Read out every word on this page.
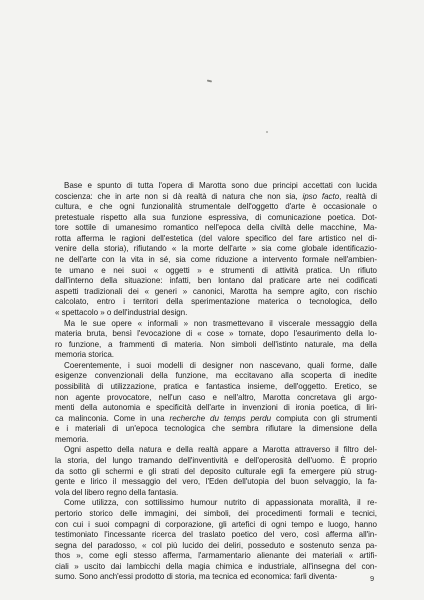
Base e spunto di tutta l'opera di Marotta sono due principi accettati con lucida
coscienza: che in arte non si dà realtà di natura che non sia, ipso facto, realtà di
cultura, e che ogni funzionalità strumentale dell'oggetto d'arte è occasionale o
pretestuale rispetto alla sua funzione espressiva, di comunicazione poetica. Dot-
tore sottile di umanesimo romantico nell'epoca della civiltà delle macchine, Ma-
rotta afferma le ragioni dell'estetica (del valore specifico del fare artistico nel di-
venire della storia), rifiutando « la morte dell'arte » sia come globale identificazio-
ne dell'arte con la vita in sé, sia come riduzione a intervento formale nell'ambien-
te umano e nei suoi « oggetti » e strumenti di attività pratica. Un rifiuto
dall'interno della situazione: infatti, ben lontano dal praticare arte nei codificati
aspetti tradizionali dei « generi » canonici, Marotta ha sempre agito, con rischio
calcolato, entro i territori della sperimentazione materica o tecnologica, dello
« spettacolo » o dell'industrial design.
Ma le sue opere « informali » non trasmettevano il viscerale messaggio della
materia bruta, bensì l'evocazione di « cose » tornate, dopo l'esaurimento della lo-
ro funzione, a frammenti di materia. Non simboli dell'istinto naturale, ma della
memoria storica.
Coerentemente, i suoi modelli di designer non nascevano, quali forme, dalle
esigenze convenzionali della funzione, ma eccitavano alla scoperta di inedite
possibilità di utilizzazione, pratica e fantastica insieme, dell'oggetto. Eretico, se
non agente provocatore, nell'un caso e nell'altro, Marotta concretava gli argo-
menti della autonomia e specificità dell'arte in invenzioni di ironia poetica, di liri-
ca malinconia. Come in una recherche du temps perdu compiuta con gli strumenti
e i materiali di un'epoca tecnologica che sembra rifiutare la dimensione della
memoria.
Ogni aspetto della natura e della realtà appare a Marotta attraverso il filtro del-
la storia, del lungo tramando dell'inventività e dell'operosità dell'uomo. È proprio
da sotto gli schermi e gli strati del deposito culturale egli fa emergere più strug-
gente e lirico il messaggio del vero, l'Eden dell'utopia del buon selvaggio, la fa-
vola del libero regno della fantasia.
Come utilizza, con sottilissimo humour nutrito di appassionata moralità, il re-
pertorio storico delle immagini, dei simboli, dei procedimenti formali e tecnici,
con cui i suoi compagni di corporazione, gli artefici di ogni tempo e luogo, hanno
testimoniato l'incessante ricerca del traslato poetico del vero, così afferma all'in-
segna del paradosso, « col più lucido dei deliri, posseduto e sostenuto senza pa-
thos », come egli stesso afferma, l'armamentario alienante dei materiali « artifi-
ciali » uscito dai lambicchi della magia chimica e industriale, all'insegna del con-
sumo. Sono anch'essi prodotto di storia, ma tecnica ed economica: farli diventa-	9
